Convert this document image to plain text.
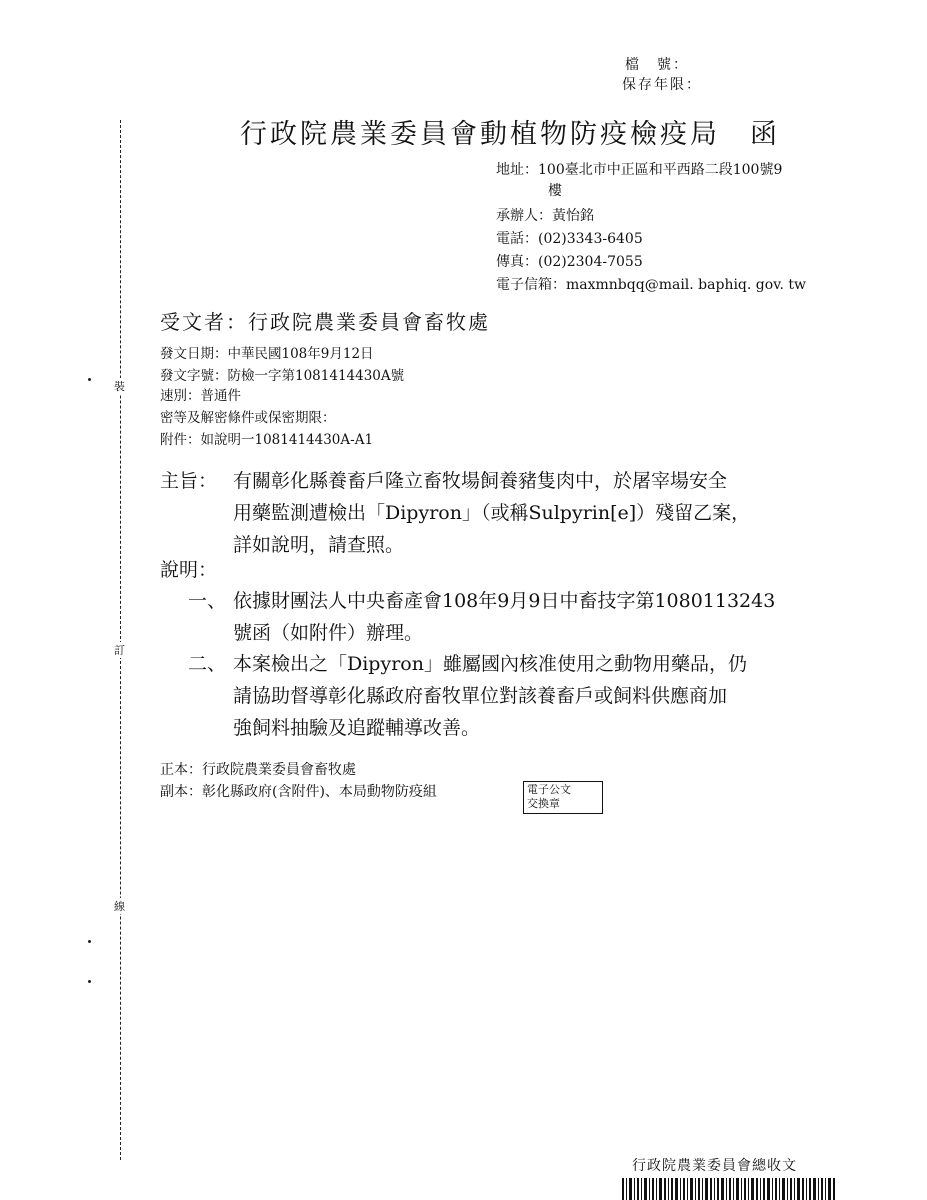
檔　號：
保存年限：
行政院農業委員會動植物防疫檢疫局　函
地址：100臺北市中正區和平西路二段100號9
樓
承辦人：黃怡銘
電話：(02)3343-6405
傳真：(02)2304-7055
電子信箱：maxmnbqq@mail. baphiq. gov. tw
受文者：行政院農業委員會畜牧處
發文日期：中華民國108年9月12日
發文字號：防檢一字第1081414430A號
速別：普通件
密等及解密條件或保密期限：
附件：如說明一1081414430A-A1
主旨： 有關彰化縣養畜戶隆立畜牧場飼養豬隻肉中，於屠宰場安全
用藥監測遭檢出「Dipyron」（或稱Sulpyrin[e]）殘留乙案，
詳如說明，請查照。
說明：
一、 依據財團法人中央畜產會108年9月9日中畜技字第1080113243
號函（如附件）辦理。
二、 本案檢出之「Dipyron」雖屬國內核准使用之動物用藥品，仍
請協助督導彰化縣政府畜牧單位對該養畜戶或飼料供應商加
強飼料抽驗及追蹤輔導改善。
正本：行政院農業委員會畜牧處
副本：彰化縣政府(含附件)、本局動物防疫組	電子公文
交換章
裝
訂
線
行政院農業委員會總收文
